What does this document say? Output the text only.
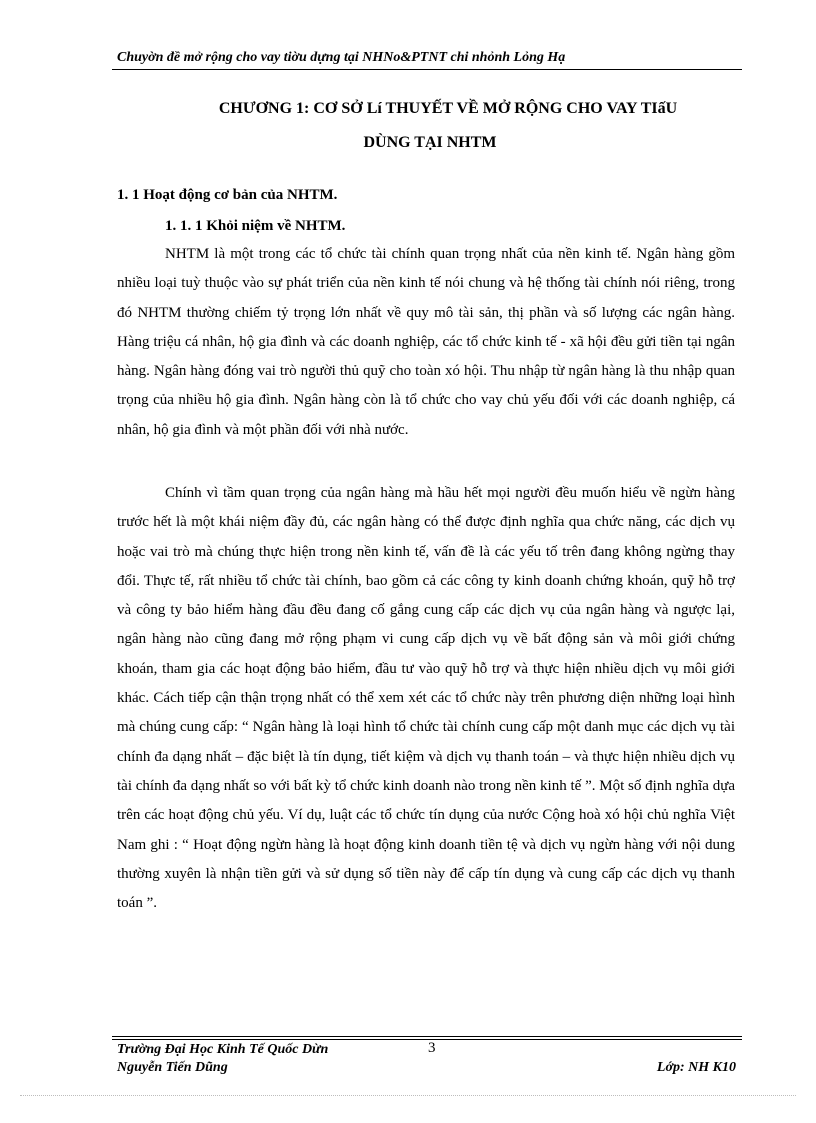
Chuyờn đề mở rộng cho vay tiờu dựng tại NHNo&PTNT chi nhỏnh Lỏng Hạ
CHƯƠNG 1: CƠ SỞ Lí THUYẾT VỀ MỞ RỘNG CHO VAY TIấU
DÙNG TẠI NHTM
1. 1 Hoạt động cơ bản của NHTM.
1. 1. 1 Khỏi niệm về NHTM.

NHTM là một trong các tổ chức tài chính quan trọng nhất của nền kinh tế. Ngân hàng gồm nhiều loại tuỳ thuộc vào sự phát triển của nền kinh tế nói chung và hệ thống tài chính nói riêng, trong đó NHTM thường chiếm tỷ trọng lớn nhất về quy mô tài sản, thị phần và số lượng các ngân hàng. Hàng triệu cá nhân, hộ gia đình và các doanh nghiệp, các tổ chức kinh tế - xã hội đều gửi tiền tại ngân hàng. Ngân hàng đóng vai trò người thủ quỹ cho toàn xó hội. Thu nhập từ ngân hàng là thu nhập quan trọng của nhiều hộ gia đình. Ngân hàng còn là tổ chức cho vay chủ yếu đối với các doanh nghiệp, cá nhân, hộ gia đình và một phần đối với nhà nước.

Chính vì tầm quan trọng của ngân hàng mà hầu hết mọi người đều muốn hiểu về ngừn hàng trước hết là một khái niệm đầy đủ, các ngân hàng có thể được định nghĩa qua chức năng, các dịch vụ hoặc vai trò mà chúng thực hiện trong nền kinh tế, vấn đề là các yếu tố trên đang không ngừng thay đổi. Thực tế, rất nhiều tổ chức tài chính, bao gồm cả các công ty kinh doanh chứng khoán, quỹ hỗ trợ và công ty bảo hiểm hàng đầu đều đang cố gắng cung cấp các dịch vụ của ngân hàng và ngược lại, ngân hàng nào cũng đang mở rộng phạm vi cung cấp dịch vụ về bất động sản và môi giới chứng khoán, tham gia các hoạt động bảo hiểm, đầu tư vào quỹ hỗ trợ và thực hiện nhiều dịch vụ môi giới khác. Cách tiếp cận thận trọng nhất có thể xem xét các tổ chức này trên phương diện những loại hình mà chúng cung cấp: “ Ngân hàng là loại hình tổ chức tài chính cung cấp một danh mục các dịch vụ tài chính đa dạng nhất – đặc biệt là tín dụng, tiết kiệm và dịch vụ thanh toán – và thực hiện nhiều dịch vụ tài chính đa dạng nhất so với bất kỳ tổ chức kinh doanh nào trong nền kinh tế ”. Một số định nghĩa dựa trên các hoạt động chủ yếu. Ví dụ, luật các tổ chức tín dụng của nước Cộng hoà xó hội chủ nghĩa Việt Nam ghi : “ Hoạt động ngừn hàng là hoạt động kinh doanh tiền tệ và dịch vụ ngừn hàng với nội dung thường xuyên là nhận tiền gửi và sử dụng số tiền này để cấp tín dụng và cung cấp các dịch vụ thanh toán ”.

Trường Đại Học Kinh Tế Quốc Dừn	3
Nguyễn Tiến Dũng	Lớp: NH K10
